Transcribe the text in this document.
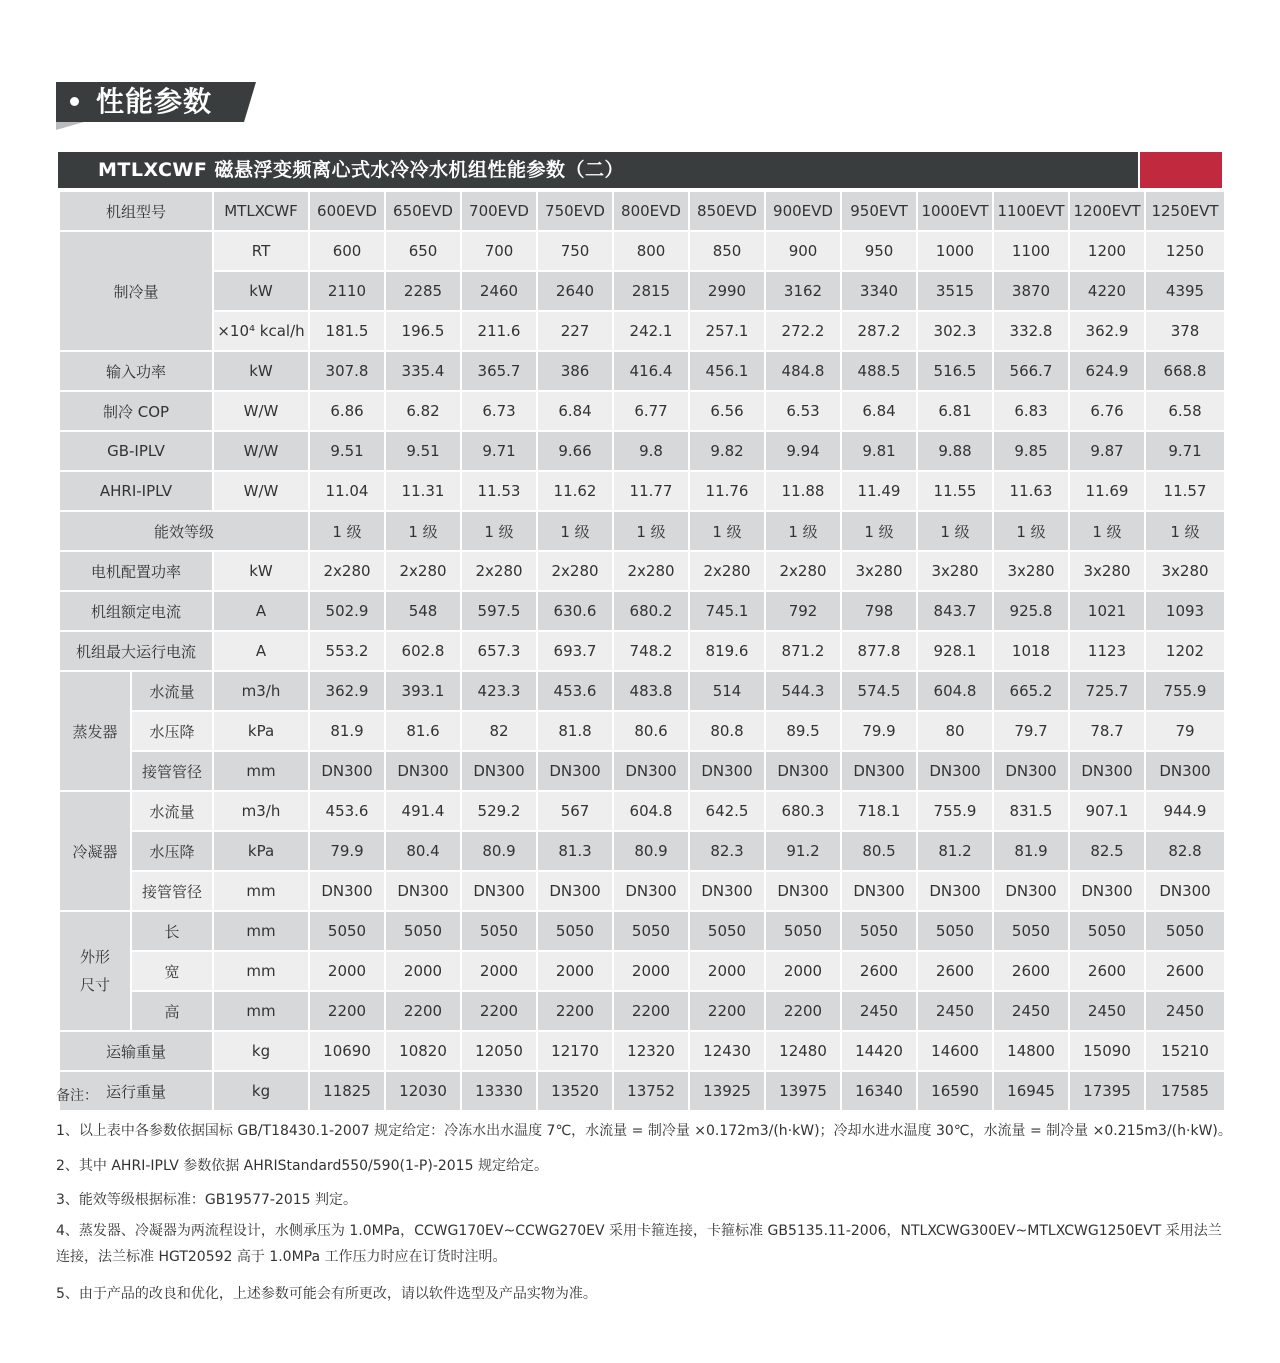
性能参数
MTLXCWF 磁悬浮变频离心式水冷冷水机组性能参数（二）
机组型号		MTLXCWF	600EVD	650EVD	700EVD	750EVD	800EVD	850EVD	900EVD	950EVT	1000EVT	1100EVT	1200EVT	1250EVT
制冷量		RT	600	650	700	750	800	850	900	950	1000	1100	1200	1250
		kW	2110	2285	2460	2640	2815	2990	3162	3340	3515	3870	4220	4395
		×10⁴ kcal/h	181.5	196.5	211.6	227	242.1	257.1	272.2	287.2	302.3	332.8	362.9	378
输入功率		kW	307.8	335.4	365.7	386	416.4	456.1	484.8	488.5	516.5	566.7	624.9	668.8
制冷 COP		W/W	6.86	6.82	6.73	6.84	6.77	6.56	6.53	6.84	6.81	6.83	6.76	6.58
GB-IPLV		W/W	9.51	9.51	9.71	9.66	9.8	9.82	9.94	9.81	9.88	9.85	9.87	9.71
AHRI-IPLV		W/W	11.04	11.31	11.53	11.62	11.77	11.76	11.88	11.49	11.55	11.63	11.69	11.57
能效等级			1 级	1 级	1 级	1 级	1 级	1 级	1 级	1 级	1 级	1 级	1 级	1 级
电机配置功率		kW	2x280	2x280	2x280	2x280	2x280	2x280	2x280	3x280	3x280	3x280	3x280	3x280
机组额定电流		A	502.9	548	597.5	630.6	680.2	745.1	792	798	843.7	925.8	1021	1093
机组最大运行电流		A	553.2	602.8	657.3	693.7	748.2	819.6	871.2	877.8	928.1	1018	1123	1202
蒸发器	水流量	m3/h	362.9	393.1	423.3	453.6	483.8	514	544.3	574.5	604.8	665.2	725.7	755.9
	水压降	kPa	81.9	81.6	82	81.8	80.6	80.8	89.5	79.9	80	79.7	78.7	79
	接管管径	mm	DN300	DN300	DN300	DN300	DN300	DN300	DN300	DN300	DN300	DN300	DN300	DN300
冷凝器	水流量	m3/h	453.6	491.4	529.2	567	604.8	642.5	680.3	718.1	755.9	831.5	907.1	944.9
	水压降	kPa	79.9	80.4	80.9	81.3	80.9	82.3	91.2	80.5	81.2	81.9	82.5	82.8
	接管管径	mm	DN300	DN300	DN300	DN300	DN300	DN300	DN300	DN300	DN300	DN300	DN300	DN300

外形
尺寸	长	mm	5050	5050	5050	5050	5050	5050	5050	5050	5050	5050	5050	5050
	宽	mm	2000	2000	2000	2000	2000	2000	2000	2600	2600	2600	2600	2600
	高	mm	2200	2200	2200	2200	2200	2200	2200	2450	2450	2450	2450	2450
运输重量		kg	10690	10820	12050	12170	12320	12430	12480	14420	14600	14800	15090	15210
运行重量		kg	11825	12030	13330	13520	13752	13925	13975	16340	16590	16945	17395	17585
备注：
1、以上表中各参数依据国标 GB/T18430.1-2007 规定给定：冷冻水出水温度 7℃，水流量 = 制冷量 ×0.172m3/(h·kW)；冷却水进水温度 30℃，水流量 = 制冷量 ×0.215m3/(h·kW)。
2、其中 AHRI-IPLV 参数依据 AHRIStandard550/590(1-P)-2015 规定给定。
3、能效等级根据标准：GB19577-2015 判定。
4、蒸发器、冷凝器为两流程设计，水侧承压为 1.0MPa，CCWG170EV~CCWG270EV 采用卡箍连接，卡箍标准 GB5135.11-2006，NTLXCWG300EV~MTLXCWG1250EVT 采用法兰连接，法兰标准 HGT20592 高于 1.0MPa 工作压力时应在订货时注明。
5、由于产品的改良和优化，上述参数可能会有所更改，请以软件选型及产品实物为准。
